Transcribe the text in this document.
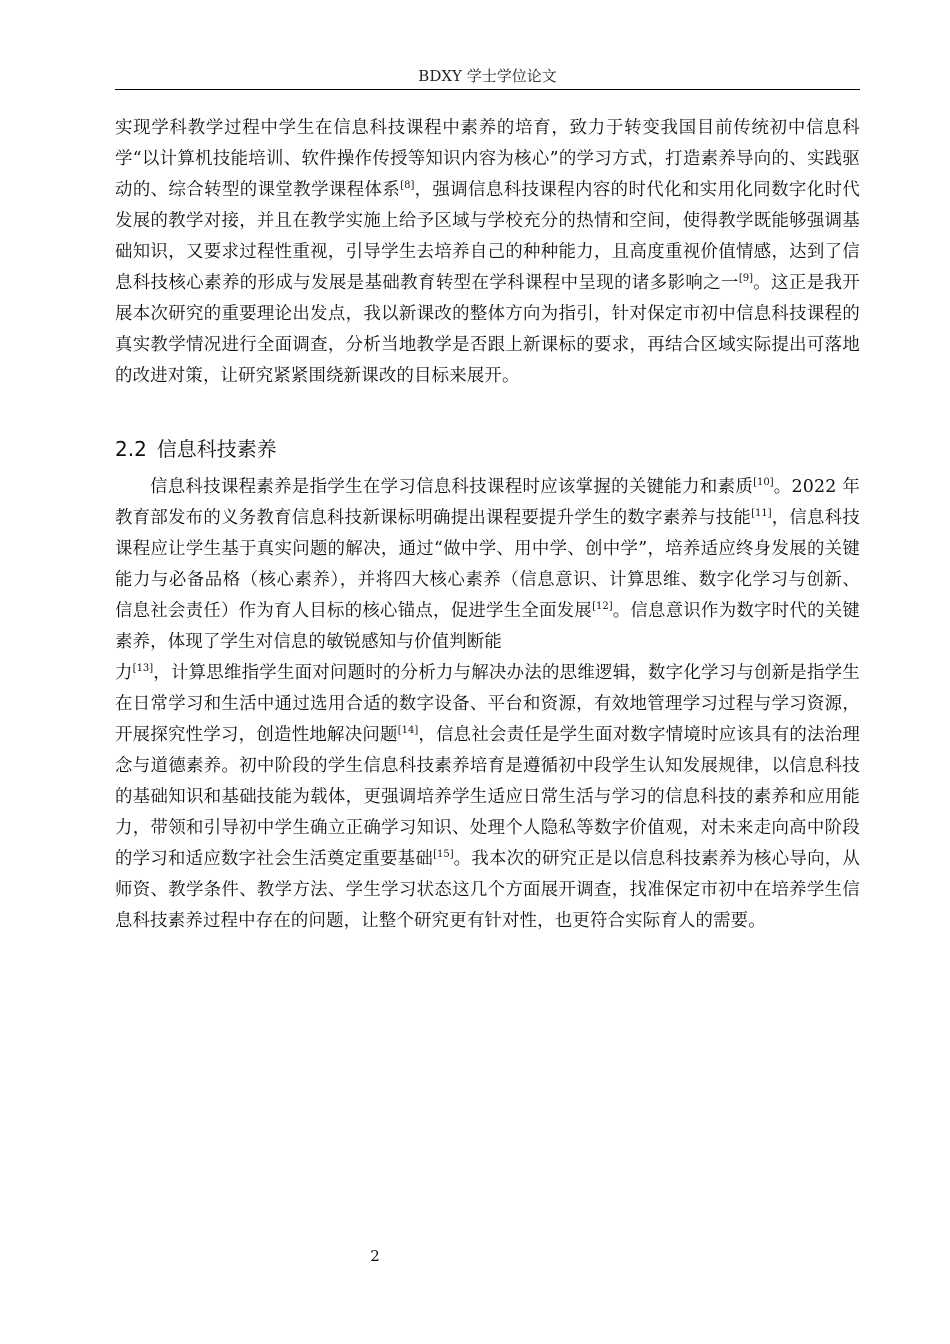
BDXY 学士学位论文

实现学科教学过程中学生在信息科技课程中素养的培育，致力于转变我国目前传统初中信息科学“以计算机技能培训、软件操作传授等知识内容为核心”的学习方式，打造素养导向的、实践驱动的、综合转型的课堂教学课程体系[8]，强调信息科技课程内容的时代化和实用化同数字化时代发展的教学对接，并且在教学实施上给予区域与学校充分的热情和空间，使得教学既能够强调基础知识，又要求过程性重视，引导学生去培养自己的种种能力，且高度重视价值情感，达到了信息科技核心素养的形成与发展是基础教育转型在学科课程中呈现的诸多影响之一[9]。这正是我开展本次研究的重要理论出发点，我以新课改的整体方向为指引，针对保定市初中信息科技课程的真实教学情况进行全面调查，分析当地教学是否跟上新课标的要求，再结合区域实际提出可落地的改进对策，让研究紧紧围绕新课改的目标来展开。

2.2 信息科技素养

信息科技课程素养是指学生在学习信息科技课程时应该掌握的关键能力和素质[10]。2022 年教育部发布的义务教育信息科技新课标明确提出课程要提升学生的数字素养与技能[11]，信息科技课程应让学生基于真实问题的解决，通过“做中学、用中学、创中学”，培养适应终身发展的关键能力与必备品格（核心素养），并将四大核心素养（信息意识、计算思维、数字化学习与创新、信息社会责任）作为育人目标的核心锚点，促进学生全面发展[12]。信息意识作为数字时代的关键素养，体现了学生对信息的敏锐感知与价值判断能

力[13]，计算思维指学生面对问题时的分析力与解决办法的思维逻辑，数字化学习与创新是指学生在日常学习和生活中通过选用合适的数字设备、平台和资源，有效地管理学习过程与学习资源，开展探究性学习，创造性地解决问题[14]，信息社会责任是学生面对数字情境时应该具有的法治理念与道德素养。初中阶段的学生信息科技素养培育是遵循初中段学生认知发展规律，以信息科技的基础知识和基础技能为载体，更强调培养学生适应日常生活与学习的信息科技的素养和应用能力，带领和引导初中学生确立正确学习知识、处理个人隐私等数字价值观，对未来走向高中阶段的学习和适应数字社会生活奠定重要基础[15]。我本次的研究正是以信息科技素养为核心导向，从师资、教学条件、教学方法、学生学习状态这几个方面展开调查，找准保定市初中在培养学生信息科技素养过程中存在的问题，让整个研究更有针对性，也更符合实际育人的需要。

2
